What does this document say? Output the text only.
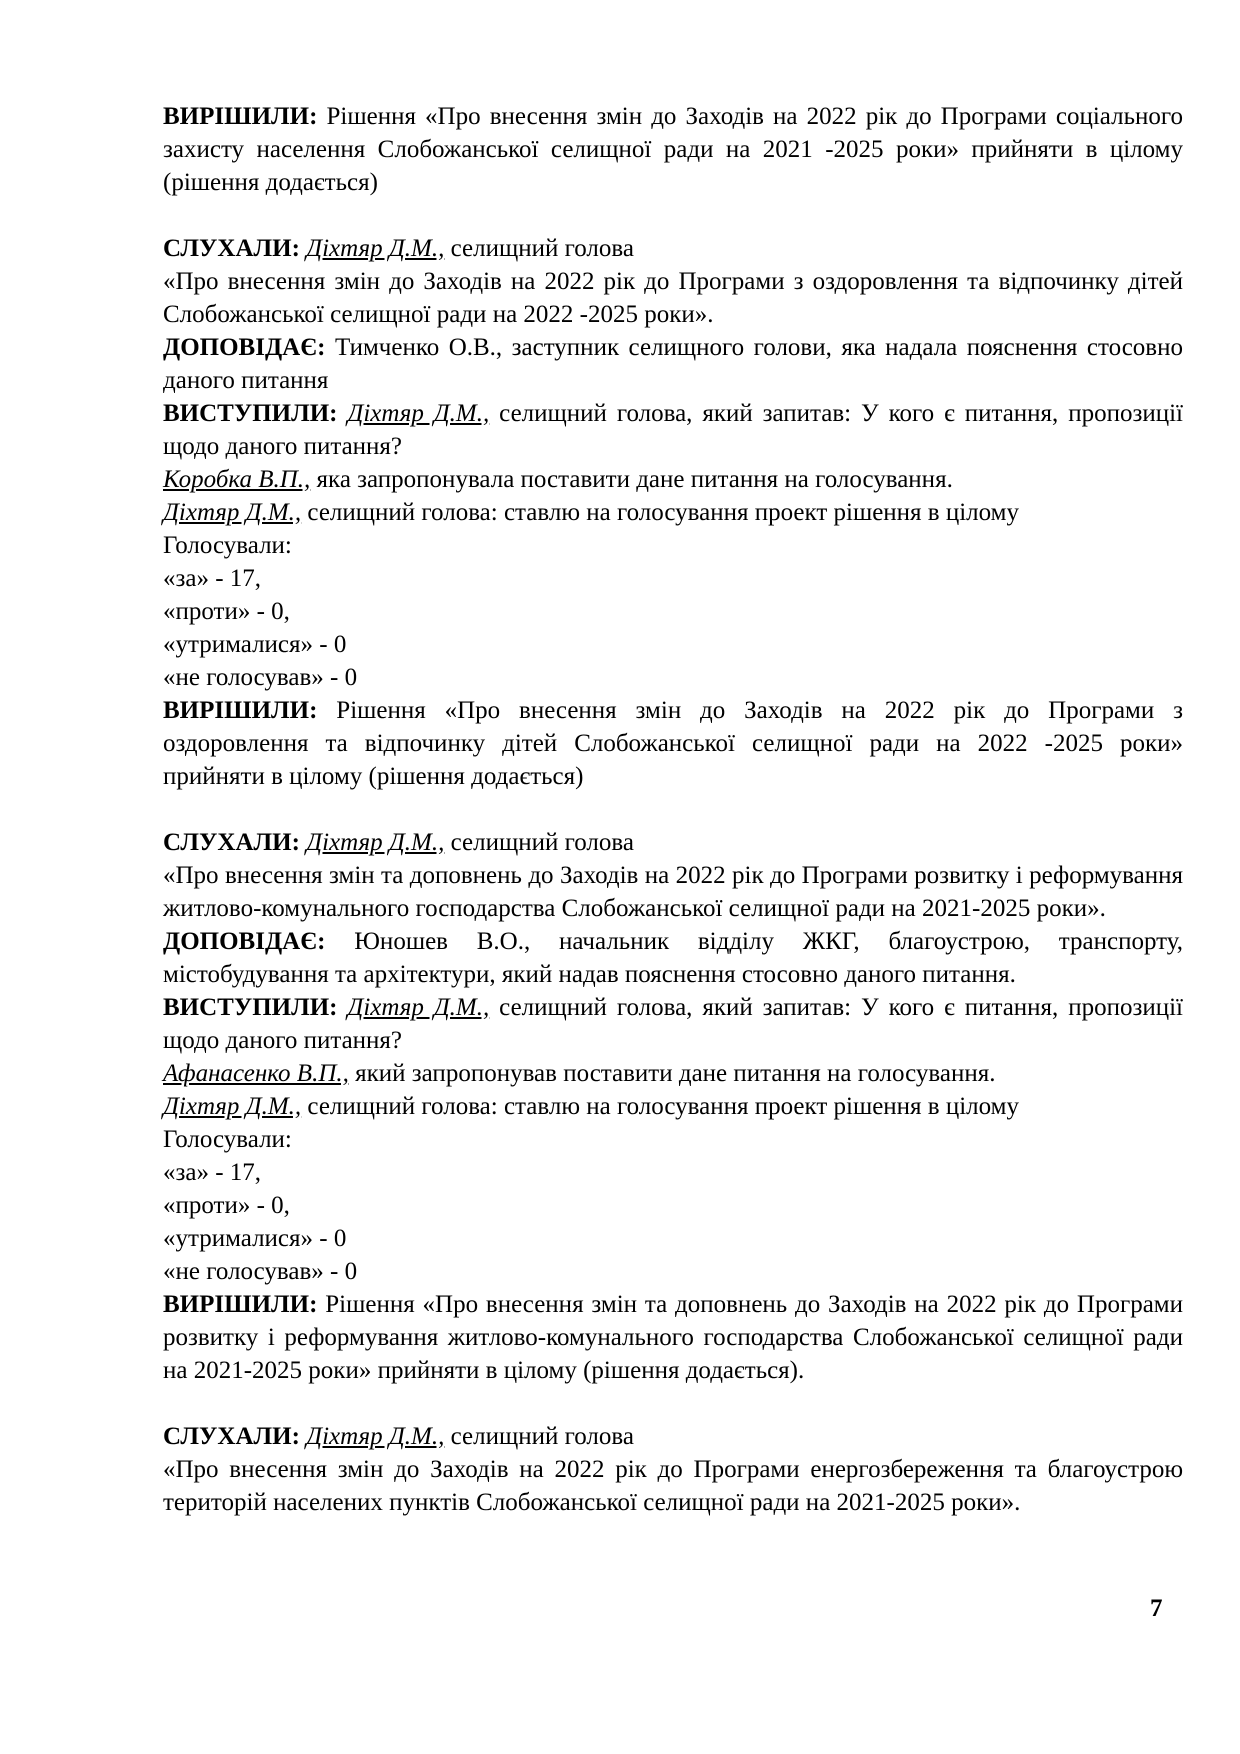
ВИРІШИЛИ: Рішення «Про внесення змін до Заходів на 2022 рік до Програми соціального захисту населення Слобожанської селищної ради на 2021 -2025 роки» прийняти в цілому (рішення додається)

СЛУХАЛИ: Діхтяр Д.М., селищний голова

«Про внесення змін до Заходів на 2022 рік до Програми з оздоровлення та відпочинку дітей Слобожанської селищної ради на 2022 -2025 роки».

ДОПОВІДАЄ: Тимченко О.В., заступник селищного голови, яка надала пояснення стосовно даного питання

ВИСТУПИЛИ: Діхтяр Д.М., селищний голова, який запитав: У кого є питання, пропозиції щодо даного питання?

Коробка В.П., яка запропонувала поставити дане питання на голосування.

Діхтяр Д.М., селищний голова: ставлю на голосування проект рішення в цілому

Голосували:

«за» - 17,

«проти» - 0,

«утрималися» - 0

«не голосував» - 0

ВИРІШИЛИ: Рішення «Про внесення змін до Заходів на 2022 рік до Програми з оздоровлення та відпочинку дітей Слобожанської селищної ради на 2022 -2025 роки» прийняти в цілому (рішення додається)

СЛУХАЛИ: Діхтяр Д.М., селищний голова

«Про внесення змін та доповнень до Заходів на 2022 рік до Програми розвитку і реформування житлово-комунального господарства Слобожанської селищної ради на 2021-2025 роки».

ДОПОВІДАЄ: Юношев В.О., начальник відділу ЖКГ, благоустрою, транспорту, містобудування та архітектури, який надав пояснення стосовно даного питання.

ВИСТУПИЛИ: Діхтяр Д.М., селищний голова, який запитав: У кого є питання, пропозиції щодо даного питання?

Афанасенко В.П., який запропонував поставити дане питання на голосування.

Діхтяр Д.М., селищний голова: ставлю на голосування проект рішення в цілому

Голосували:

«за» - 17,

«проти» - 0,

«утрималися» - 0

«не голосував» - 0

ВИРІШИЛИ: Рішення «Про внесення змін та доповнень до Заходів на 2022 рік до Програми розвитку і реформування житлово-комунального господарства Слобожанської селищної ради на 2021-2025 роки» прийняти в цілому (рішення додається).

СЛУХАЛИ: Діхтяр Д.М., селищний голова

«Про внесення змін до Заходів на 2022 рік до Програми енергозбереження та благоустрою територій населених пунктів Слобожанської селищної ради на 2021-2025 роки».

7
